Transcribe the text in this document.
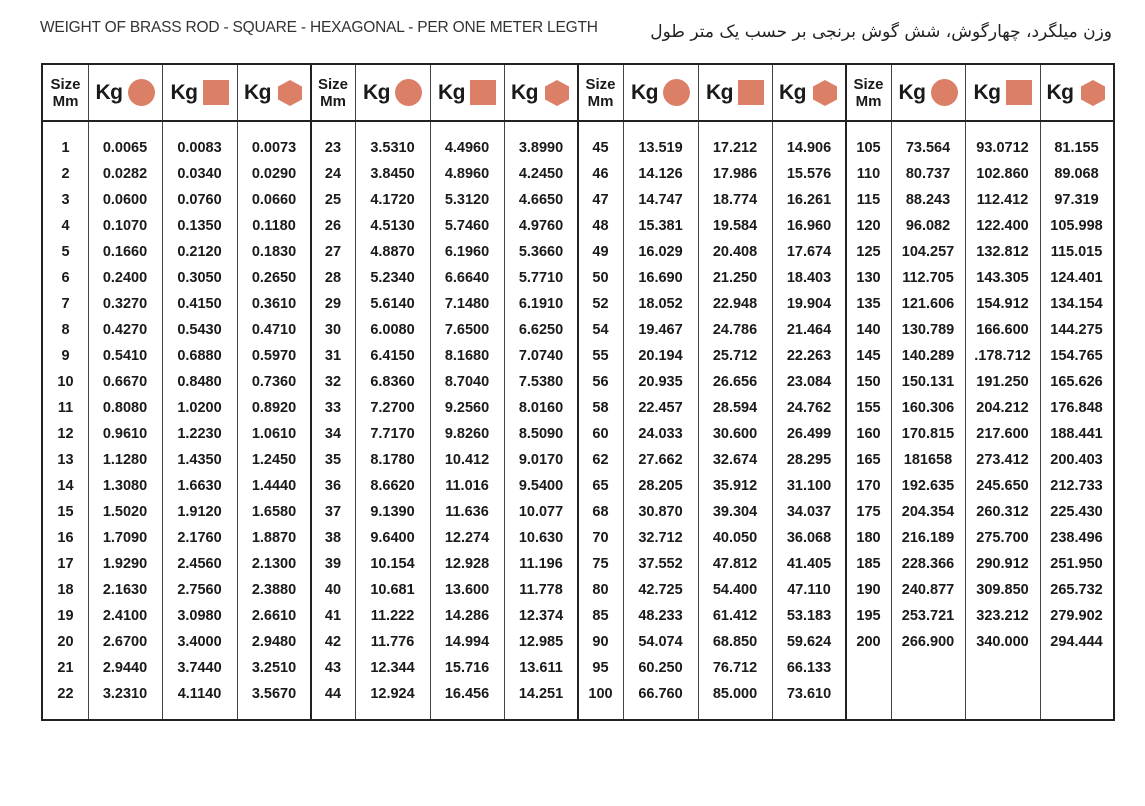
WEIGHT OF BRASS ROD - SQUARE - HEXAGONAL - PER ONE METER LEGTH	وزن میلگرد، چهارگوش، شش گوش برنجی بر حسب یک متر طول
Size
Mm
1
2
3
4
5
6
7
8
9
10
11
12
13
14
15
16
17
18
19
20
21
22
Kg
0.0065
0.0282
0.0600
0.1070
0.1660
0.2400
0.3270
0.4270
0.5410
0.6670
0.8080
0.9610
1.1280
1.3080
1.5020
1.7090
1.9290
2.1630
2.4100
2.6700
2.9440
3.2310
Kg
0.0083
0.0340
0.0760
0.1350
0.2120
0.3050
0.4150
0.5430
0.6880
0.8480
1.0200
1.2230
1.4350
1.6630
1.9120
2.1760
2.4560
2.7560
3.0980
3.4000
3.7440
4.1140
Kg
0.0073
0.0290
0.0660
0.1180
0.1830
0.2650
0.3610
0.4710
0.5970
0.7360
0.8920
1.0610
1.2450
1.4440
1.6580
1.8870
2.1300
2.3880
2.6610
2.9480
3.2510
3.5670
Size
Mm
23
24
25
26
27
28
29
30
31
32
33
34
35
36
37
38
39
40
41
42
43
44
Kg
3.5310
3.8450
4.1720
4.5130
4.8870
5.2340
5.6140
6.0080
6.4150
6.8360
7.2700
7.7170
8.1780
8.6620
9.1390
9.6400
10.154
10.681
11.222
11.776
12.344
12.924
Kg
4.4960
4.8960
5.3120
5.7460
6.1960
6.6640
7.1480
7.6500
8.1680
8.7040
9.2560
9.8260
10.412
11.016
11.636
12.274
12.928
13.600
14.286
14.994
15.716
16.456
Kg
3.8990
4.2450
4.6650
4.9760
5.3660
5.7710
6.1910
6.6250
7.0740
7.5380
8.0160
8.5090
9.0170
9.5400
10.077
10.630
11.196
11.778
12.374
12.985
13.611
14.251
Size
Mm
45
46
47
48
49
50
52
54
55
56
58
60
62
65
68
70
75
80
85
90
95
100
Kg
13.519
14.126
14.747
15.381
16.029
16.690
18.052
19.467
20.194
20.935
22.457
24.033
27.662
28.205
30.870
32.712
37.552
42.725
48.233
54.074
60.250
66.760
Kg
17.212
17.986
18.774
19.584
20.408
21.250
22.948
24.786
25.712
26.656
28.594
30.600
32.674
35.912
39.304
40.050
47.812
54.400
61.412
68.850
76.712
85.000
Kg
14.906
15.576
16.261
16.960
17.674
18.403
19.904
21.464
22.263
23.084
24.762
26.499
28.295
31.100
34.037
36.068
41.405
47.110
53.183
59.624
66.133
73.610
Size
Mm
105
110
115
120
125
130
135
140
145
150
155
160
165
170
175
180
185
190
195
200
Kg
73.564
80.737
88.243
96.082
104.257
112.705
121.606
130.789
140.289
150.131
160.306
170.815
181658
192.635
204.354
216.189
228.366
240.877
253.721
266.900
Kg
93.0712
102.860
112.412
122.400
132.812
143.305
154.912
166.600
.178.712
191.250
204.212
217.600
273.412
245.650
260.312
275.700
290.912
309.850
323.212
340.000
Kg
81.155
89.068
97.319
105.998
115.015
124.401
134.154
144.275
154.765
165.626
176.848
188.441
200.403
212.733
225.430
238.496
251.950
265.732
279.902
294.444
